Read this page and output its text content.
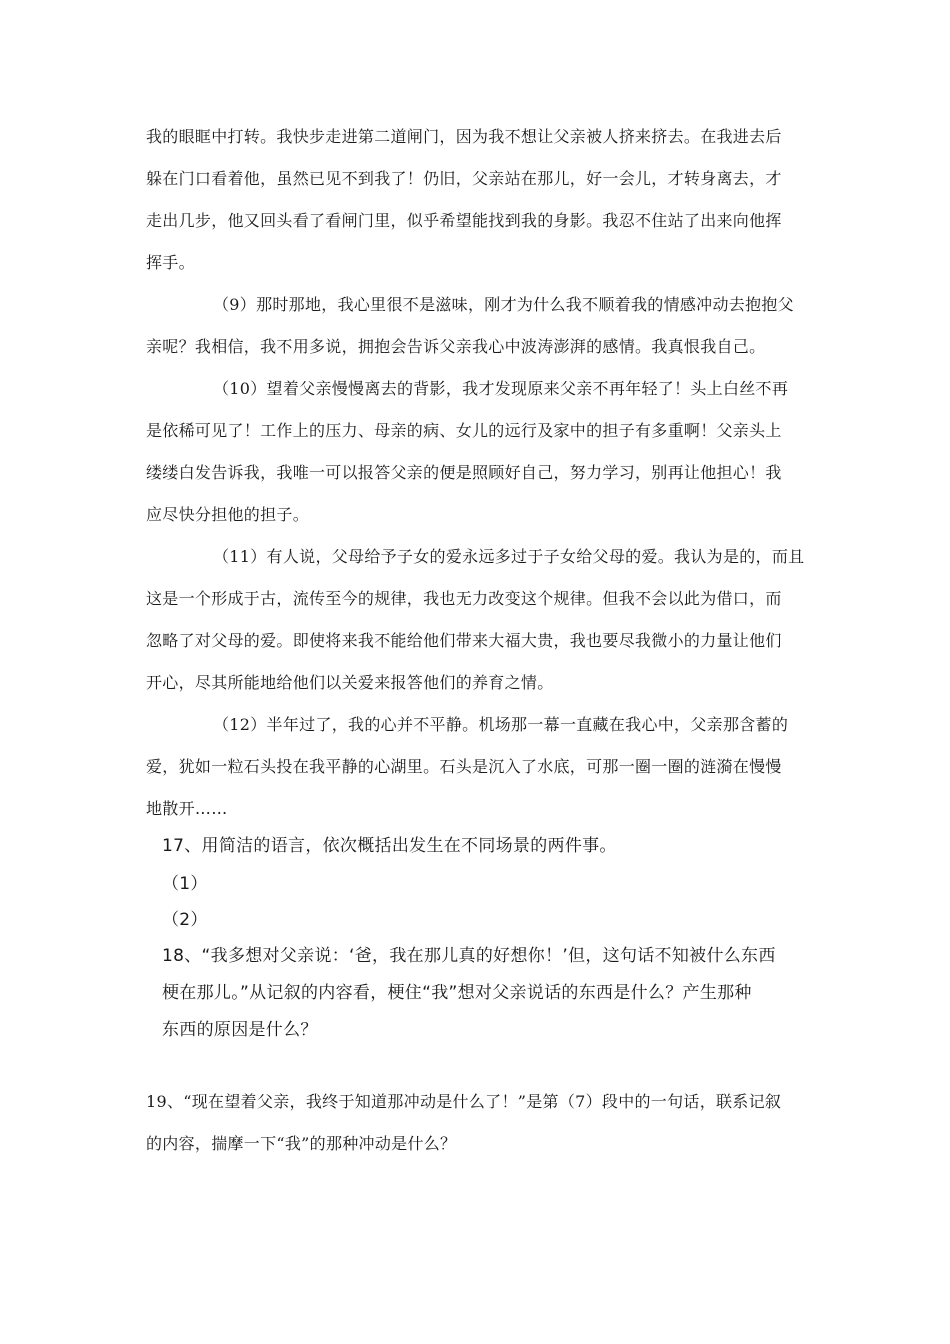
我的眼眶中打转。我快步走进第二道闸门，因为我不想让父亲被人挤来挤去。在我进去后
躲在门口看着他，虽然已见不到我了！仍旧，父亲站在那儿，好一会儿，才转身离去，才
走出几步，他又回头看了看闸门里，似乎希望能找到我的身影。我忍不住站了出来向他挥
挥手。
（9）那时那地，我心里很不是滋味，刚才为什么我不顺着我的情感冲动去抱抱父
亲呢？我相信，我不用多说，拥抱会告诉父亲我心中波涛澎湃的感情。我真恨我自己。
（10）望着父亲慢慢离去的背影，我才发现原来父亲不再年轻了！头上白丝不再
是依稀可见了！工作上的压力、母亲的病、女儿的远行及家中的担子有多重啊！父亲头上
缕缕白发告诉我，我唯一可以报答父亲的便是照顾好自己，努力学习，别再让他担心！我
应尽快分担他的担子。
（11）有人说，父母给予子女的爱永远多过于子女给父母的爱。我认为是的，而且
这是一个形成于古，流传至今的规律，我也无力改变这个规律。但我不会以此为借口，而
忽略了对父母的爱。即使将来我不能给他们带来大福大贵，我也要尽我微小的力量让他们
开心，尽其所能地给他们以关爱来报答他们的养育之情。
（12）半年过了，我的心并不平静。机场那一幕一直藏在我心中，父亲那含蓄的
爱，犹如一粒石头投在我平静的心湖里。石头是沉入了水底，可那一圈一圈的涟漪在慢慢
地散开……
17、用简洁的语言，依次概括出发生在不同场景的两件事。
（1）
（2）
18、“我多想对父亲说：‘爸，我在那儿真的好想你！’但，这句话不知被什么东西
梗在那儿。”从记叙的内容看，梗住“我”想对父亲说话的东西是什么？产生那种
东西的原因是什么？
19、“现在望着父亲，我终于知道那冲动是什么了！”是第（7）段中的一句话，联系记叙
的内容，揣摩一下“我”的那种冲动是什么？
